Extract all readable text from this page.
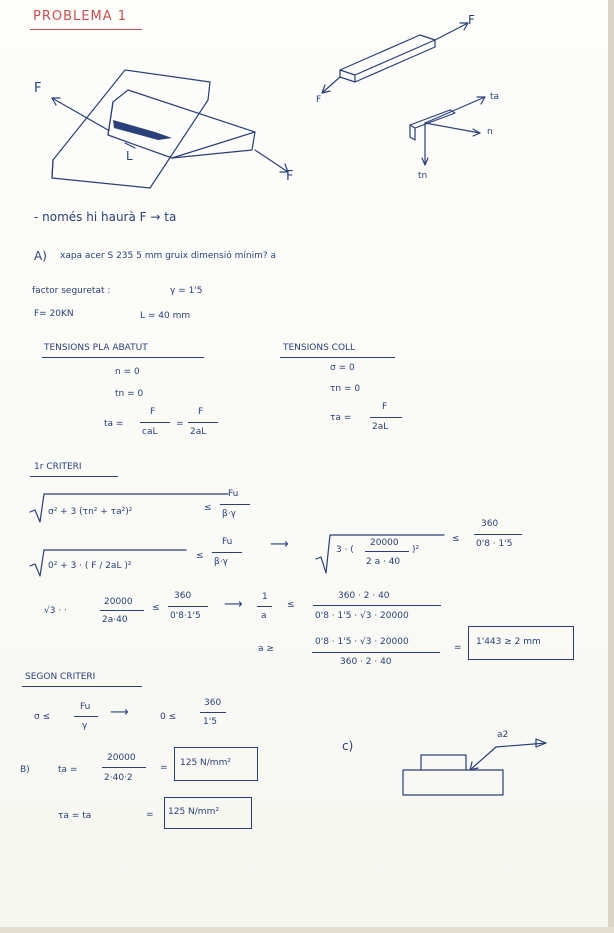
PROBLEMA 1
F
L
F
F
F	ta
n
tn
- només hi haurà F → ta
A) xapa acer S 235 5 mm gruix dimensió mínim? a
factor seguretat :	γ = 1'5
F= 20KN	L = 40 mm
TENSIONS PLA ABATUT
n = 0
tn = 0
ta =
F
caL
=
F
2aL
TENSIONS COLL
σ = 0
τn = 0
τa =
F
2aL
1r CRITERI
σ² + 3 (τn² + τa²)²	≤
Fu
β·γ
0² + 3 · ( F / 2aL )²
≤
Fu
β·γ
⟶	3 · (
20000
2 a · 40
)²
≤
360
0'8 · 1'5
√3 · ·
20000
2a·40
≤
360
0'8·1'5
⟶ 1
a
≤
360 · 2 · 40
0'8 · 1'5 · √3 · 20000
a ≥
0'8 · 1'5 · √3 · 20000
360 · 2 · 40
=
1'443 ≥ 2 mm
SEGON CRITERI
σ ≤
Fu
γ
⟶	0 ≤
360
1'5
B)	ta =
20000
2·40·2
= 125 N/mm²
τa = ta	= 125 N/mm²
c)
a2
